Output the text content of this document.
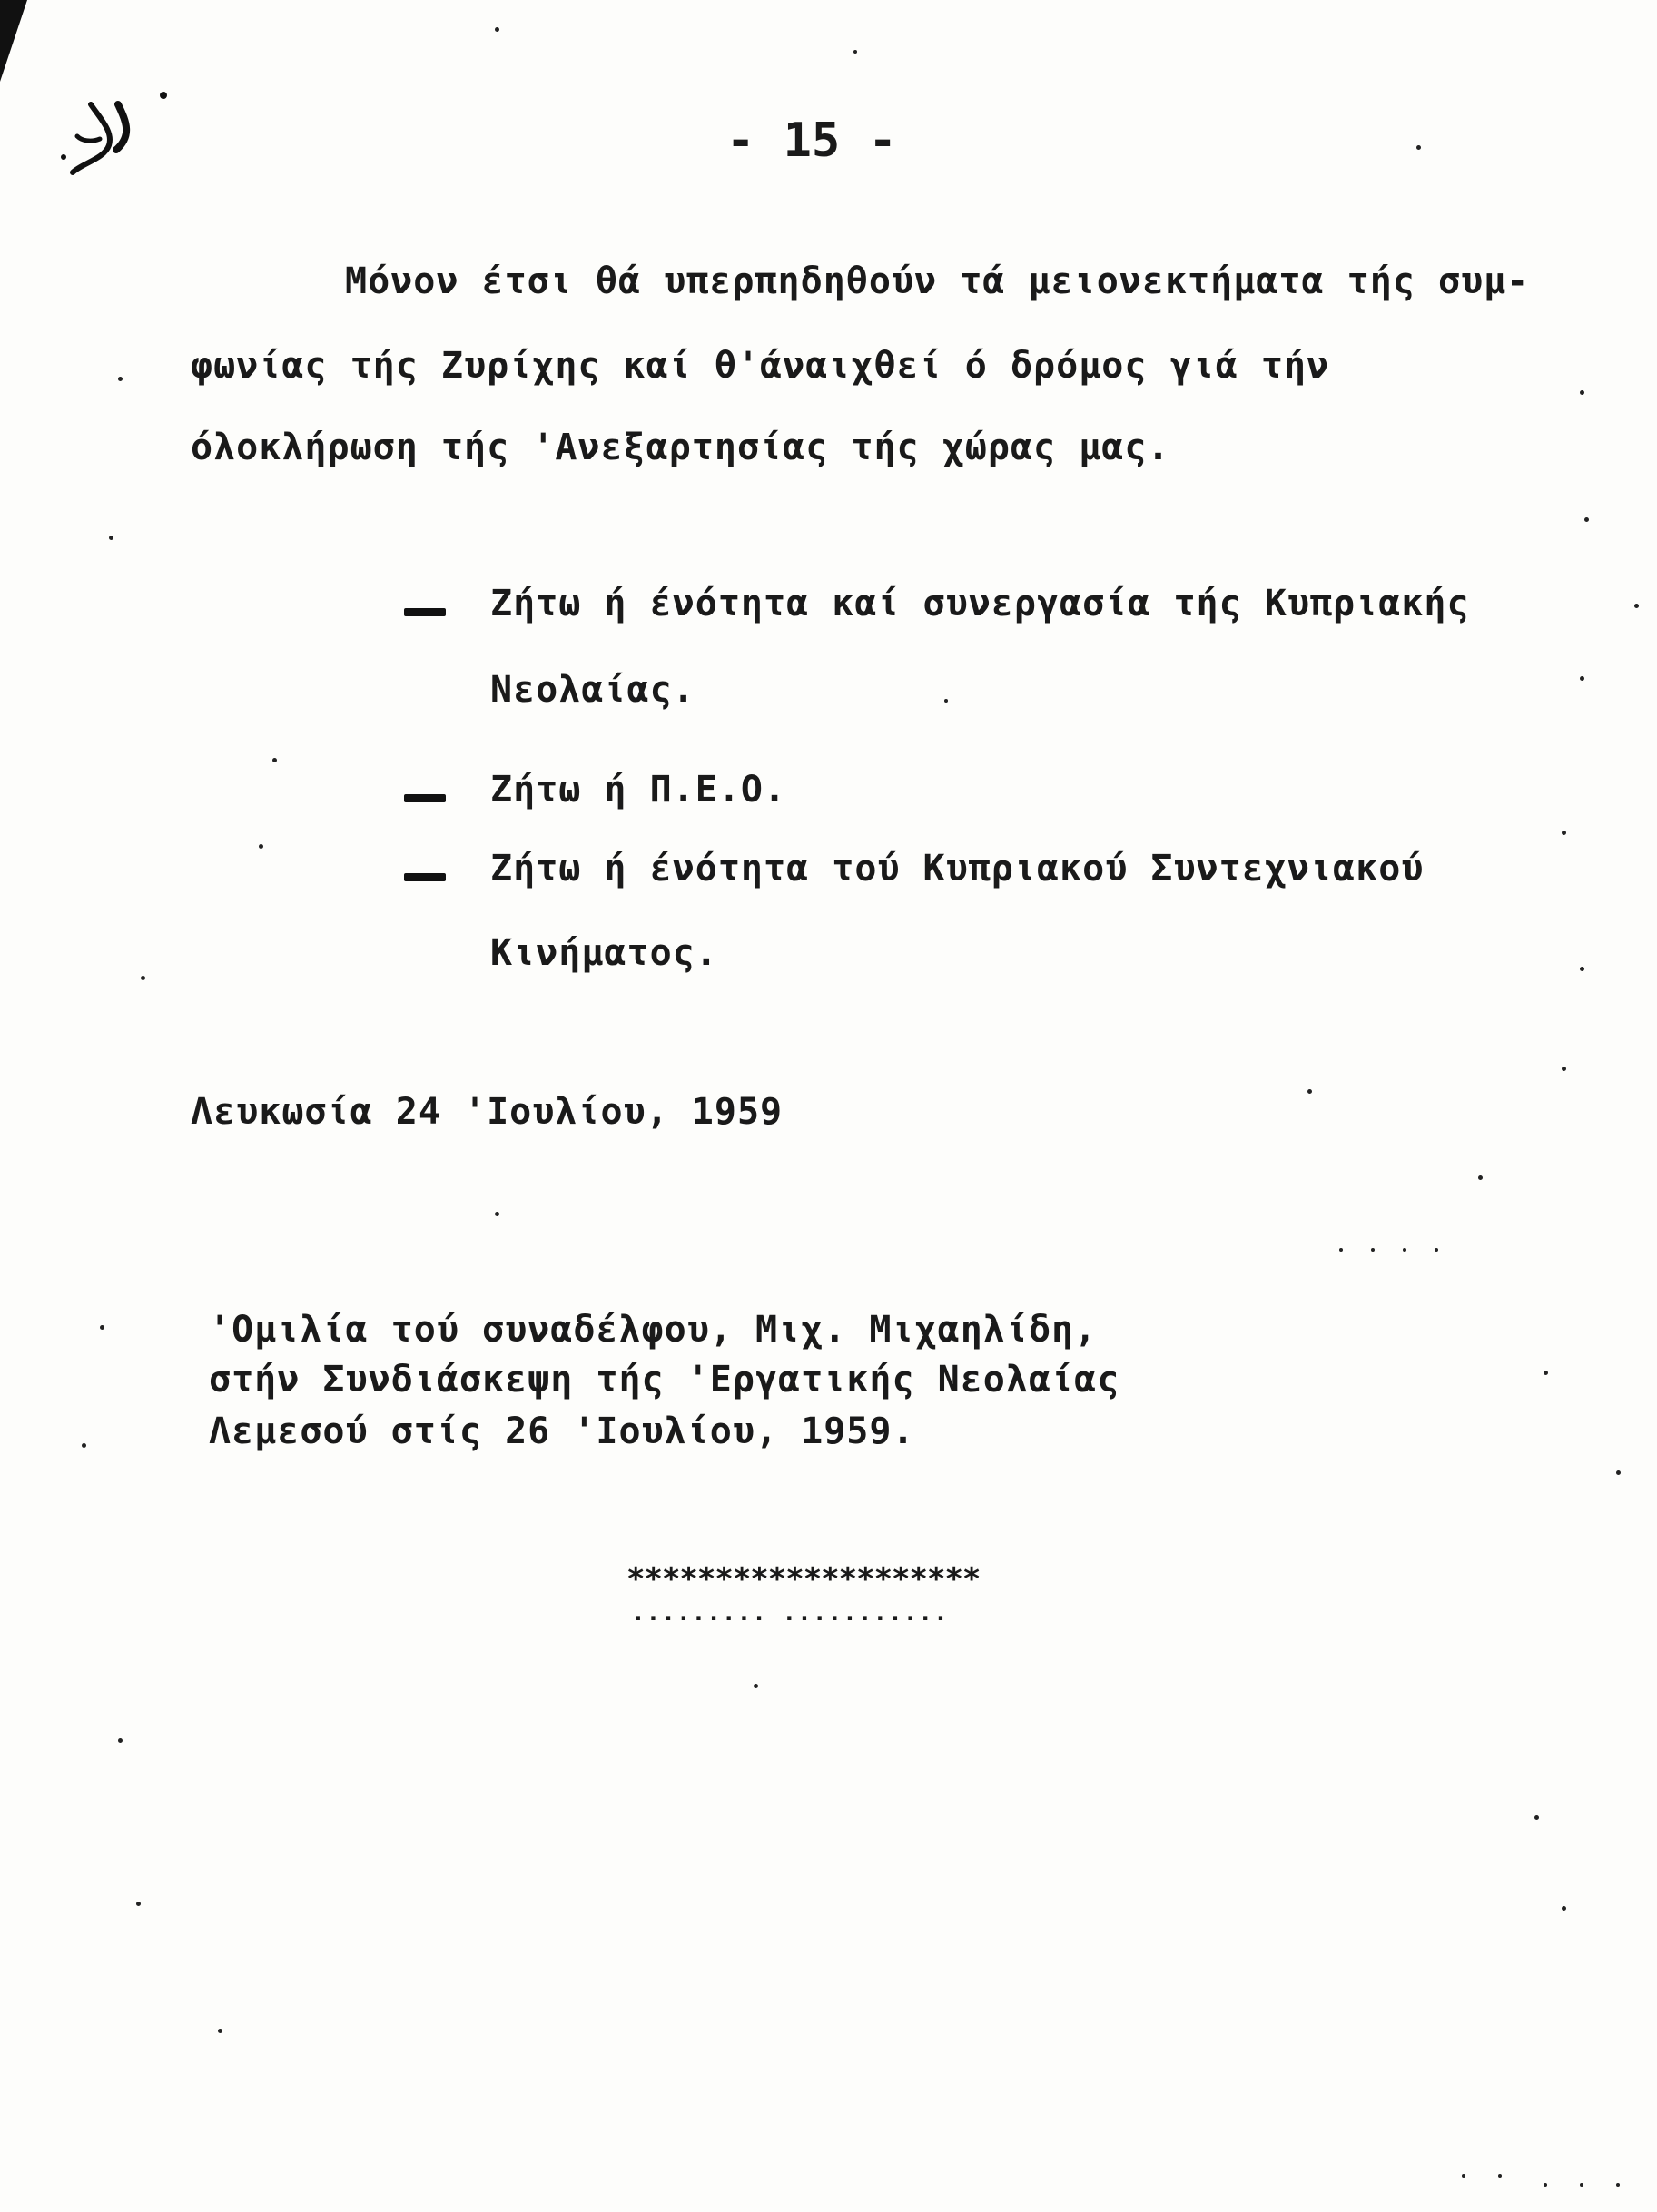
- 15 -
Μόνον έτσι θά υπερπηδηθούν τά μειονεκτήματα τής συμ-
φωνίας τής Ζυρίχης καί θ'άναιχθεί ό δρόμος γιά τήν
όλοκλήρωση τής 'Ανεξαρτησίας τής χώρας μας.
Ζήτω ή ένότητα καί συνεργασία τής Κυπριακής
Νεολαίας.
Ζήτω ή Π.Ε.Ο.
Ζήτω ή ένότητα τού Κυπριακού Συντεχνιακού
Κινήματος.
Λευκωσία 24 'Ιουλίου, 1959
'Ομιλία τού συναδέλφου, Μιχ. Μιχαηλίδη,
στήν Συνδιάσκεψη τής 'Εργατικής Νεολαίας
Λεμεσού στίς 26 'Ιουλίου, 1959.
********************
......... ...........
